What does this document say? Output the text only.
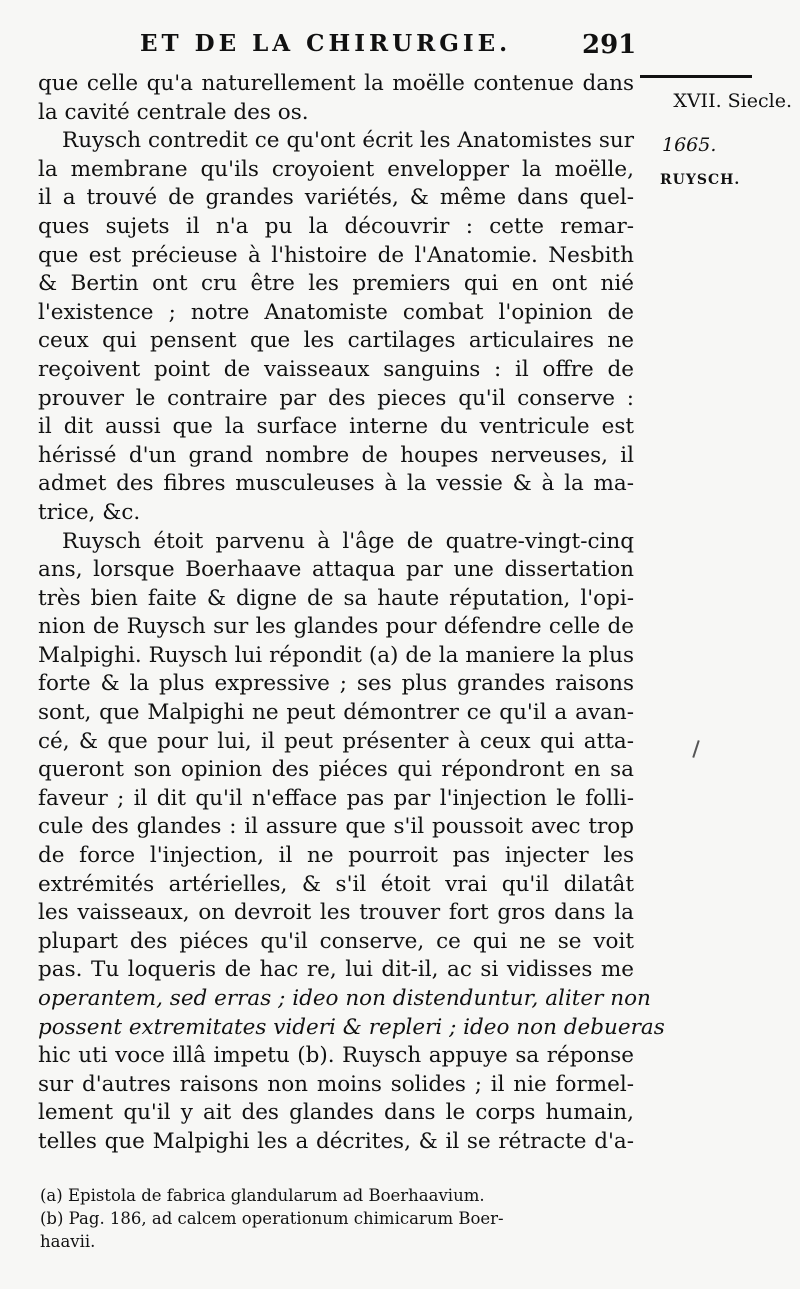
ET DE LA CHIRURGIE.	291
XVII. Siecle.
1665.
RUYSCH.
que celle qu'a naturellement la moëlle contenue dans
la cavité centrale des os.
Ruysch contredit ce qu'ont écrit les Anatomistes sur
la membrane qu'ils croyoient envelopper la moëlle,
il a trouvé de grandes variétés, & même dans quel-
ques sujets il n'a pu la découvrir : cette remar-
que est précieuse à l'histoire de l'Anatomie. Nesbith
& Bertin ont cru être les premiers qui en ont nié
l'existence ; notre Anatomiste combat l'opinion de
ceux qui pensent que les cartilages articulaires ne
reçoivent point de vaisseaux sanguins : il offre de
prouver le contraire par des pieces qu'il conserve :
il dit aussi que la surface interne du ventricule est
hérissé d'un grand nombre de houpes nerveuses, il
admet des fibres musculeuses à la vessie & à la ma-
trice, &c.
Ruysch étoit parvenu à l'âge de quatre-vingt-cinq
ans, lorsque Boerhaave attaqua par une dissertation
très bien faite & digne de sa haute réputation, l'opi-
nion de Ruysch sur les glandes pour défendre celle de
Malpighi. Ruysch lui répondit (a) de la maniere la plus
forte & la plus expressive ; ses plus grandes raisons
sont, que Malpighi ne peut démontrer ce qu'il a avan-
cé, & que pour lui, il peut présenter à ceux qui atta-
queront son opinion des piéces qui répondront en sa
faveur ; il dit qu'il n'efface pas par l'injection le folli-
cule des glandes : il assure que s'il poussoit avec trop
de force l'injection, il ne pourroit pas injecter les
extrémités artérielles, & s'il étoit vrai qu'il dilatât
les vaisseaux, on devroit les trouver fort gros dans la
plupart des piéces qu'il conserve, ce qui ne se voit
pas. Tu loqueris de hac re, lui dit-il, ac si vidisses me
operantem, sed erras ; ideo non distenduntur, aliter non
possent extremitates videri & repleri ; ideo non debueras
hic uti voce illâ impetu (b). Ruysch appuye sa réponse
sur d'autres raisons non moins solides ; il nie formel-
lement qu'il y ait des glandes dans le corps humain,
telles que Malpighi les a décrites, & il se rétracte d'a-
(a) Epistola de fabrica glandularum ad Boerhaavium.
(b) Pag. 186, ad calcem operationum chimicarum Boer-
haavii.
